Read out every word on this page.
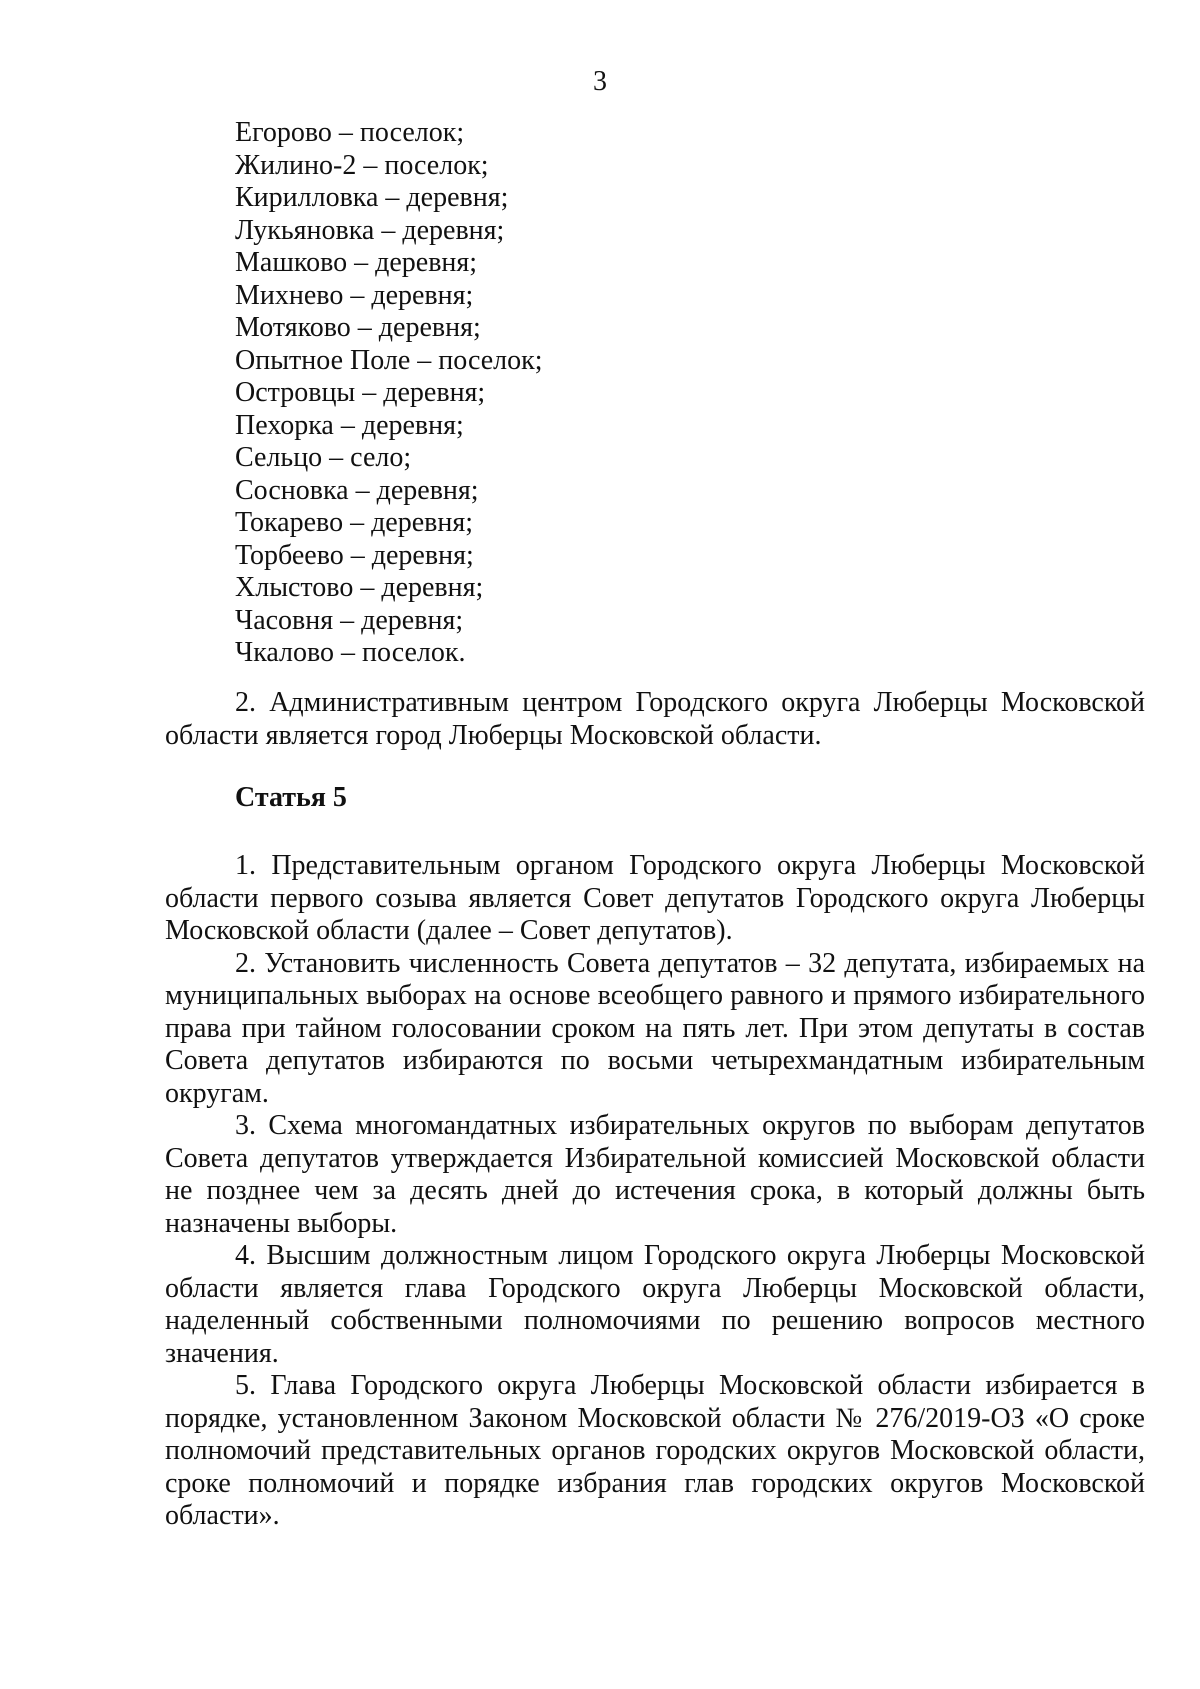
3
Егорово – поселок;
Жилино-2 – поселок;
Кирилловка – деревня;
Лукьяновка – деревня;
Машково – деревня;
Михнево – деревня;
Мотяково – деревня;
Опытное Поле – поселок;
Островцы – деревня;
Пехорка – деревня;
Сельцо – село;
Сосновка – деревня;
Токарево – деревня;
Торбеево – деревня;
Хлыстово – деревня;
Часовня – деревня;
Чкалово – поселок.

2. Административным центром Городского округа Люберцы Московской области является город Люберцы Московской области.

Статья 5

1. Представительным органом Городского округа Люберцы Московской области первого созыва является Совет депутатов Городского округа Люберцы Московской области (далее – Совет депутатов).

2. Установить численность Совета депутатов – 32 депутата, избираемых на муниципальных выборах на основе всеобщего равного и прямого избирательного права при тайном голосовании сроком на пять лет. При этом депутаты в состав Совета депутатов избираются по восьми четырехмандатным избирательным округам.

3. Схема многомандатных избирательных округов по выборам депутатов Совета депутатов утверждается Избирательной комиссией Московской области не позднее чем за десять дней до истечения срока, в который должны быть назначены выборы.

4. Высшим должностным лицом Городского округа Люберцы Московской области является глава Городского округа Люберцы Московской области, наделенный собственными полномочиями по решению вопросов местного значения.

5. Глава Городского округа Люберцы Московской области избирается в порядке, установленном Законом Московской области № 276/2019-ОЗ «О сроке полномочий представительных органов городских округов Московской области, сроке полномочий и порядке избрания глав городских округов Московской области».
